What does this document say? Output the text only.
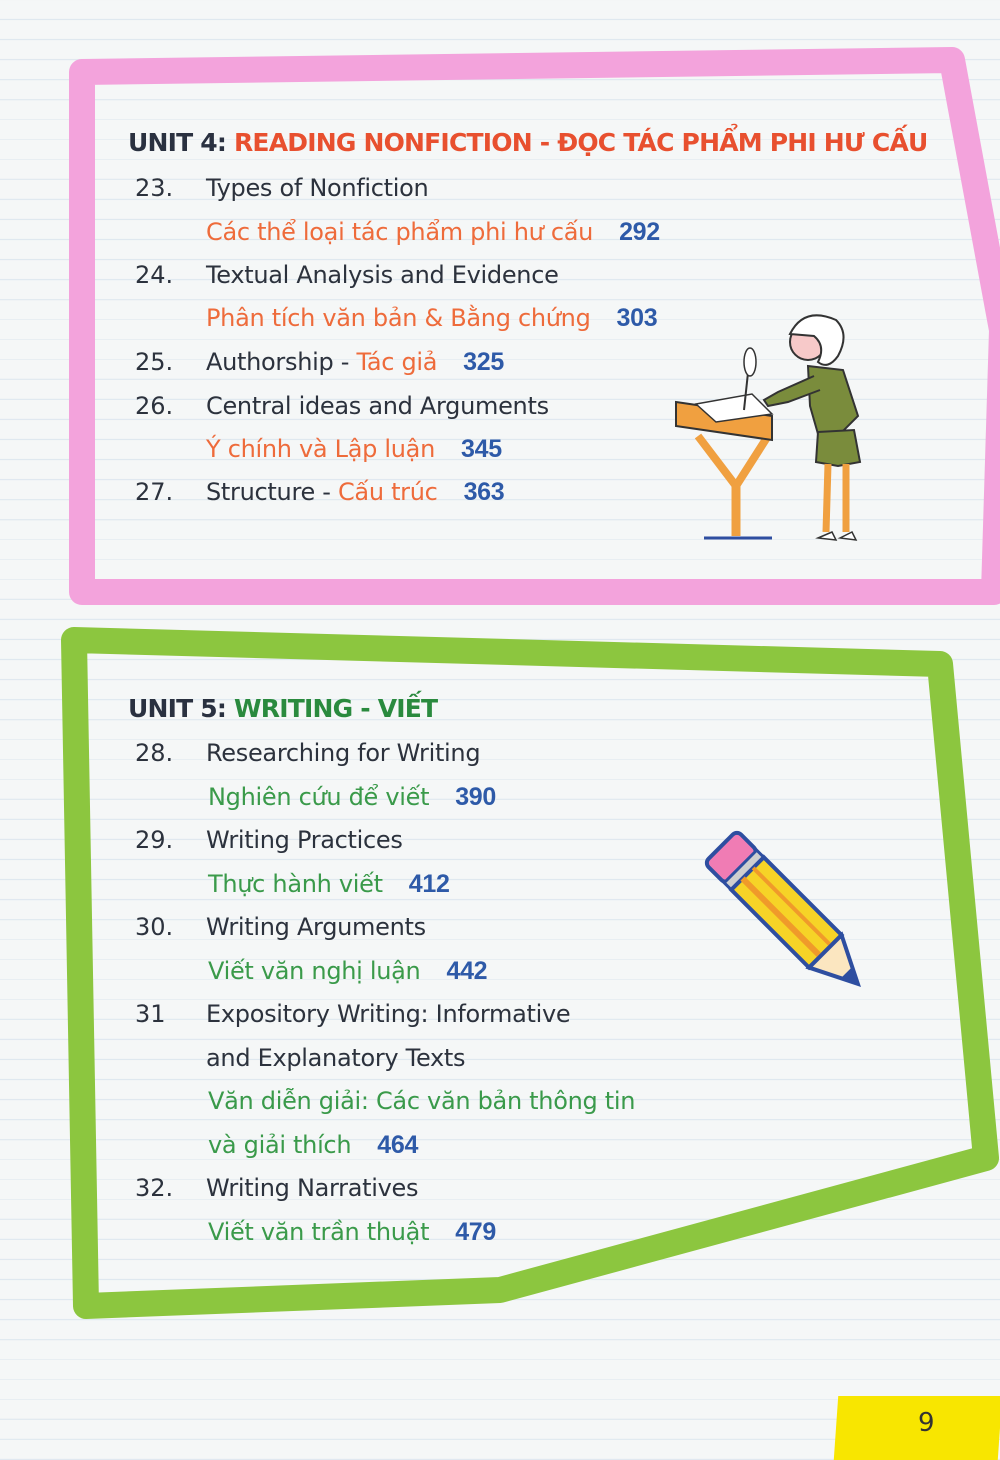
UNIT 4: READING NONFICTION - ĐỌC TÁC PHẨM PHI HƯ CẤU
23. Types of Nonfiction
Các thể loại tác phẩm phi hư cấu 292
24. Textual Analysis and Evidence
Phân tích văn bản & Bằng chứng 303
25. Authorship - Tác giả 325
26. Central ideas and Arguments
Ý chính và Lập luận 345
27. Structure - Cấu trúc 363
UNIT 5: WRITING - VIẾT
28. Researching for Writing
Nghiên cứu để viết 390
29. Writing Practices
Thực hành viết 412
30. Writing Arguments
Viết văn nghị luận 442
31 Expository Writing: Informative
and Explanatory Texts
Văn diễn giải: Các văn bản thông tin
và giải thích 464
32. Writing Narratives
Viết văn trần thuật 479
9
